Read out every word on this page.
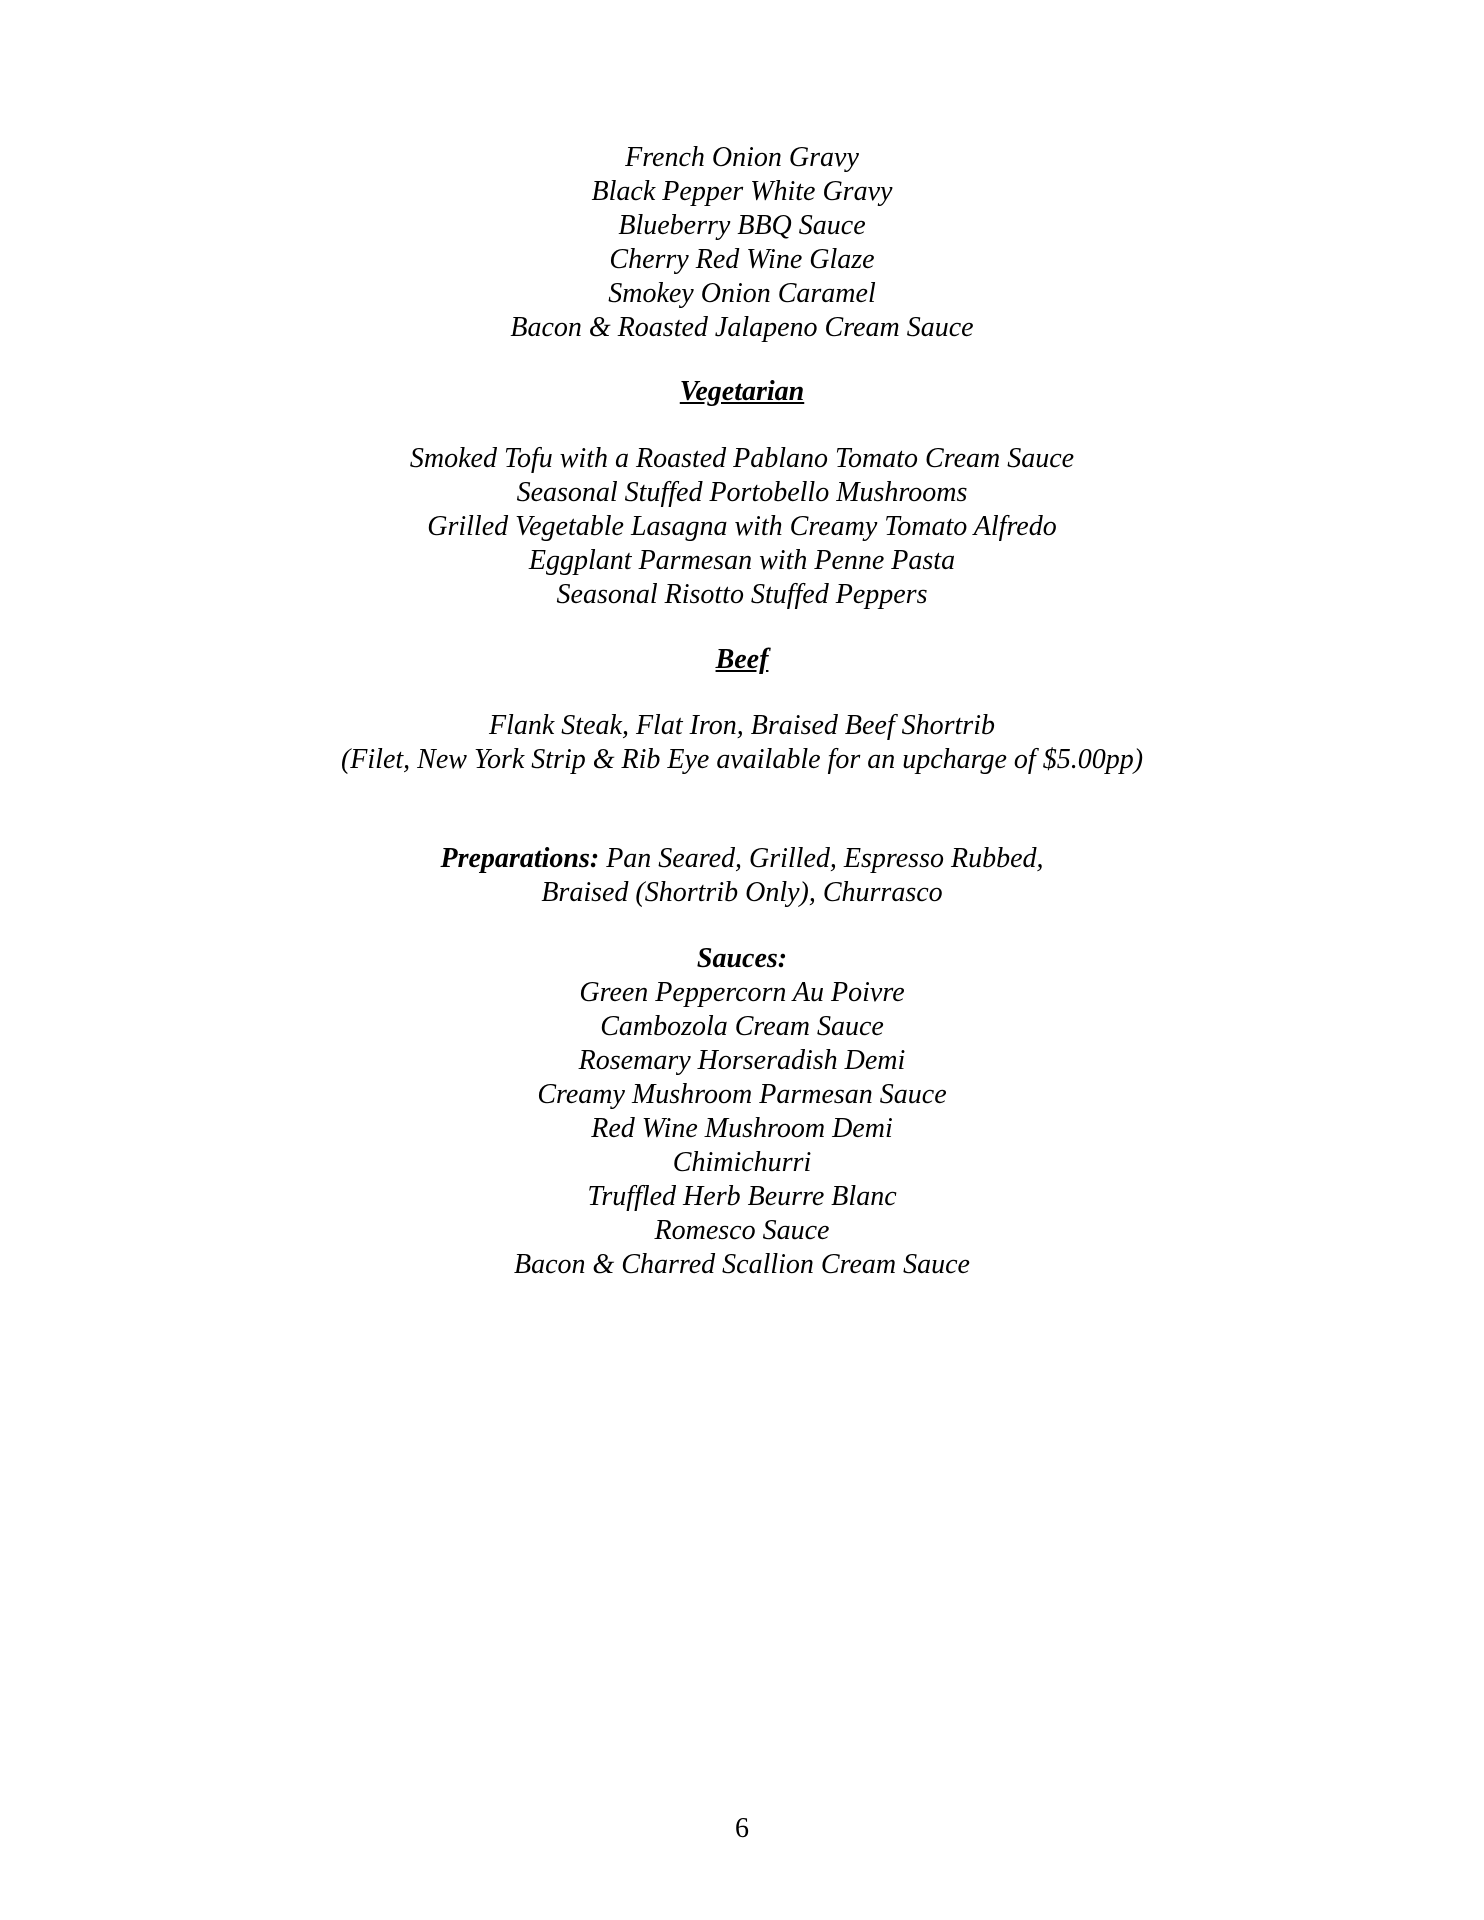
French Onion Gravy
Black Pepper White Gravy
Blueberry BBQ Sauce
Cherry Red Wine Glaze
Smokey Onion Caramel
Bacon & Roasted Jalapeno Cream Sauce
Vegetarian
Smoked Tofu with a Roasted Pablano Tomato Cream Sauce
Seasonal Stuffed Portobello Mushrooms
Grilled Vegetable Lasagna with Creamy Tomato Alfredo
Eggplant Parmesan with Penne Pasta
Seasonal Risotto Stuffed Peppers
Beef
Flank Steak, Flat Iron, Braised Beef Shortrib
(Filet, New York Strip & Rib Eye available for an upcharge of $5.00pp)
Preparations: Pan Seared, Grilled, Espresso Rubbed,
Braised (Shortrib Only), Churrasco
Sauces:
Green Peppercorn Au Poivre
Cambozola Cream Sauce
Rosemary Horseradish Demi
Creamy Mushroom Parmesan Sauce
Red Wine Mushroom Demi
Chimichurri
Truffled Herb Beurre Blanc
Romesco Sauce
Bacon & Charred Scallion Cream Sauce
6
